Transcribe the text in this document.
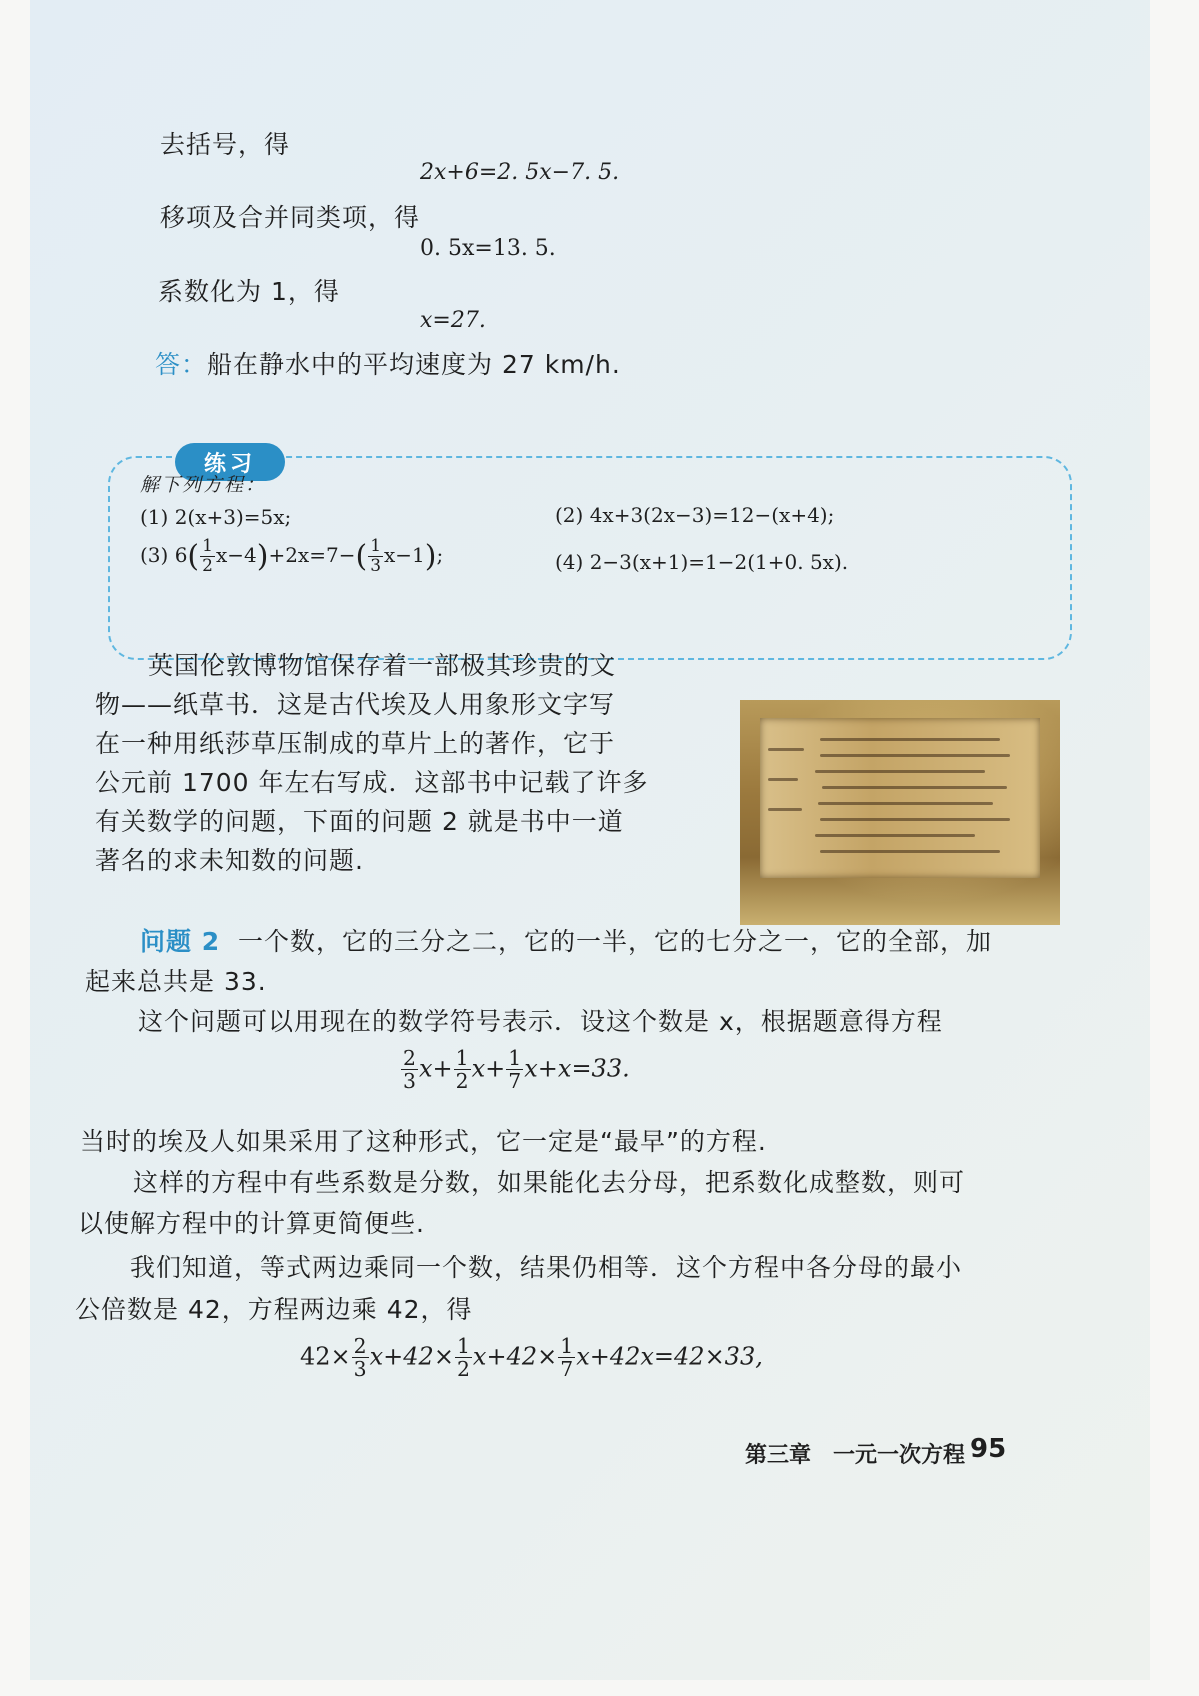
去括号，得
2x+6=2. 5x−7. 5.
移项及合并同类项，得
0. 5x=13. 5.
系数化为 1，得
x=27.
答：船在静水中的平均速度为 27 km/h.
练习
解下列方程：
(1) 2(x+3)=5x;	(2) 4x+3(2x−3)=12−(x+4);
(3) $6( \frac{1}{2} x-4)+2x=7-( \frac{1}{3} x-1)$;	(4) 2−3(x+1)=1−2(1+0. 5x).
英国伦敦博物馆保存着一部极其珍贵的文
物——纸草书．这是古代埃及人用象形文字写
在一种用纸莎草压制成的草片上的著作，它于
公元前 1700 年左右写成．这部书中记载了许多
有关数学的问题，下面的问题 2 就是书中一道
著名的求未知数的问题.
问题 2 一个数，它的三分之二，它的一半，它的七分之一，它的全部，加
起来总共是 33.
这个问题可以用现在的数学符号表示．设这个数是 x，根据题意得方程
$\frac{2}{3} x+ \frac{1}{2} x+ \frac{1}{7} x+x=33$.
当时的埃及人如果采用了这种形式，它一定是“最早”的方程.
这样的方程中有些系数是分数，如果能化去分母，把系数化成整数，则可
以使解方程中的计算更简便些.
我们知道，等式两边乘同一个数，结果仍相等．这个方程中各分母的最小
公倍数是 42，方程两边乘 42，得
$42\times \frac{2}{3} x+42\times \frac{1}{2} x+42\times \frac{1}{7} x+42x=42\times 33$,
第三章　一元一次方程 95
